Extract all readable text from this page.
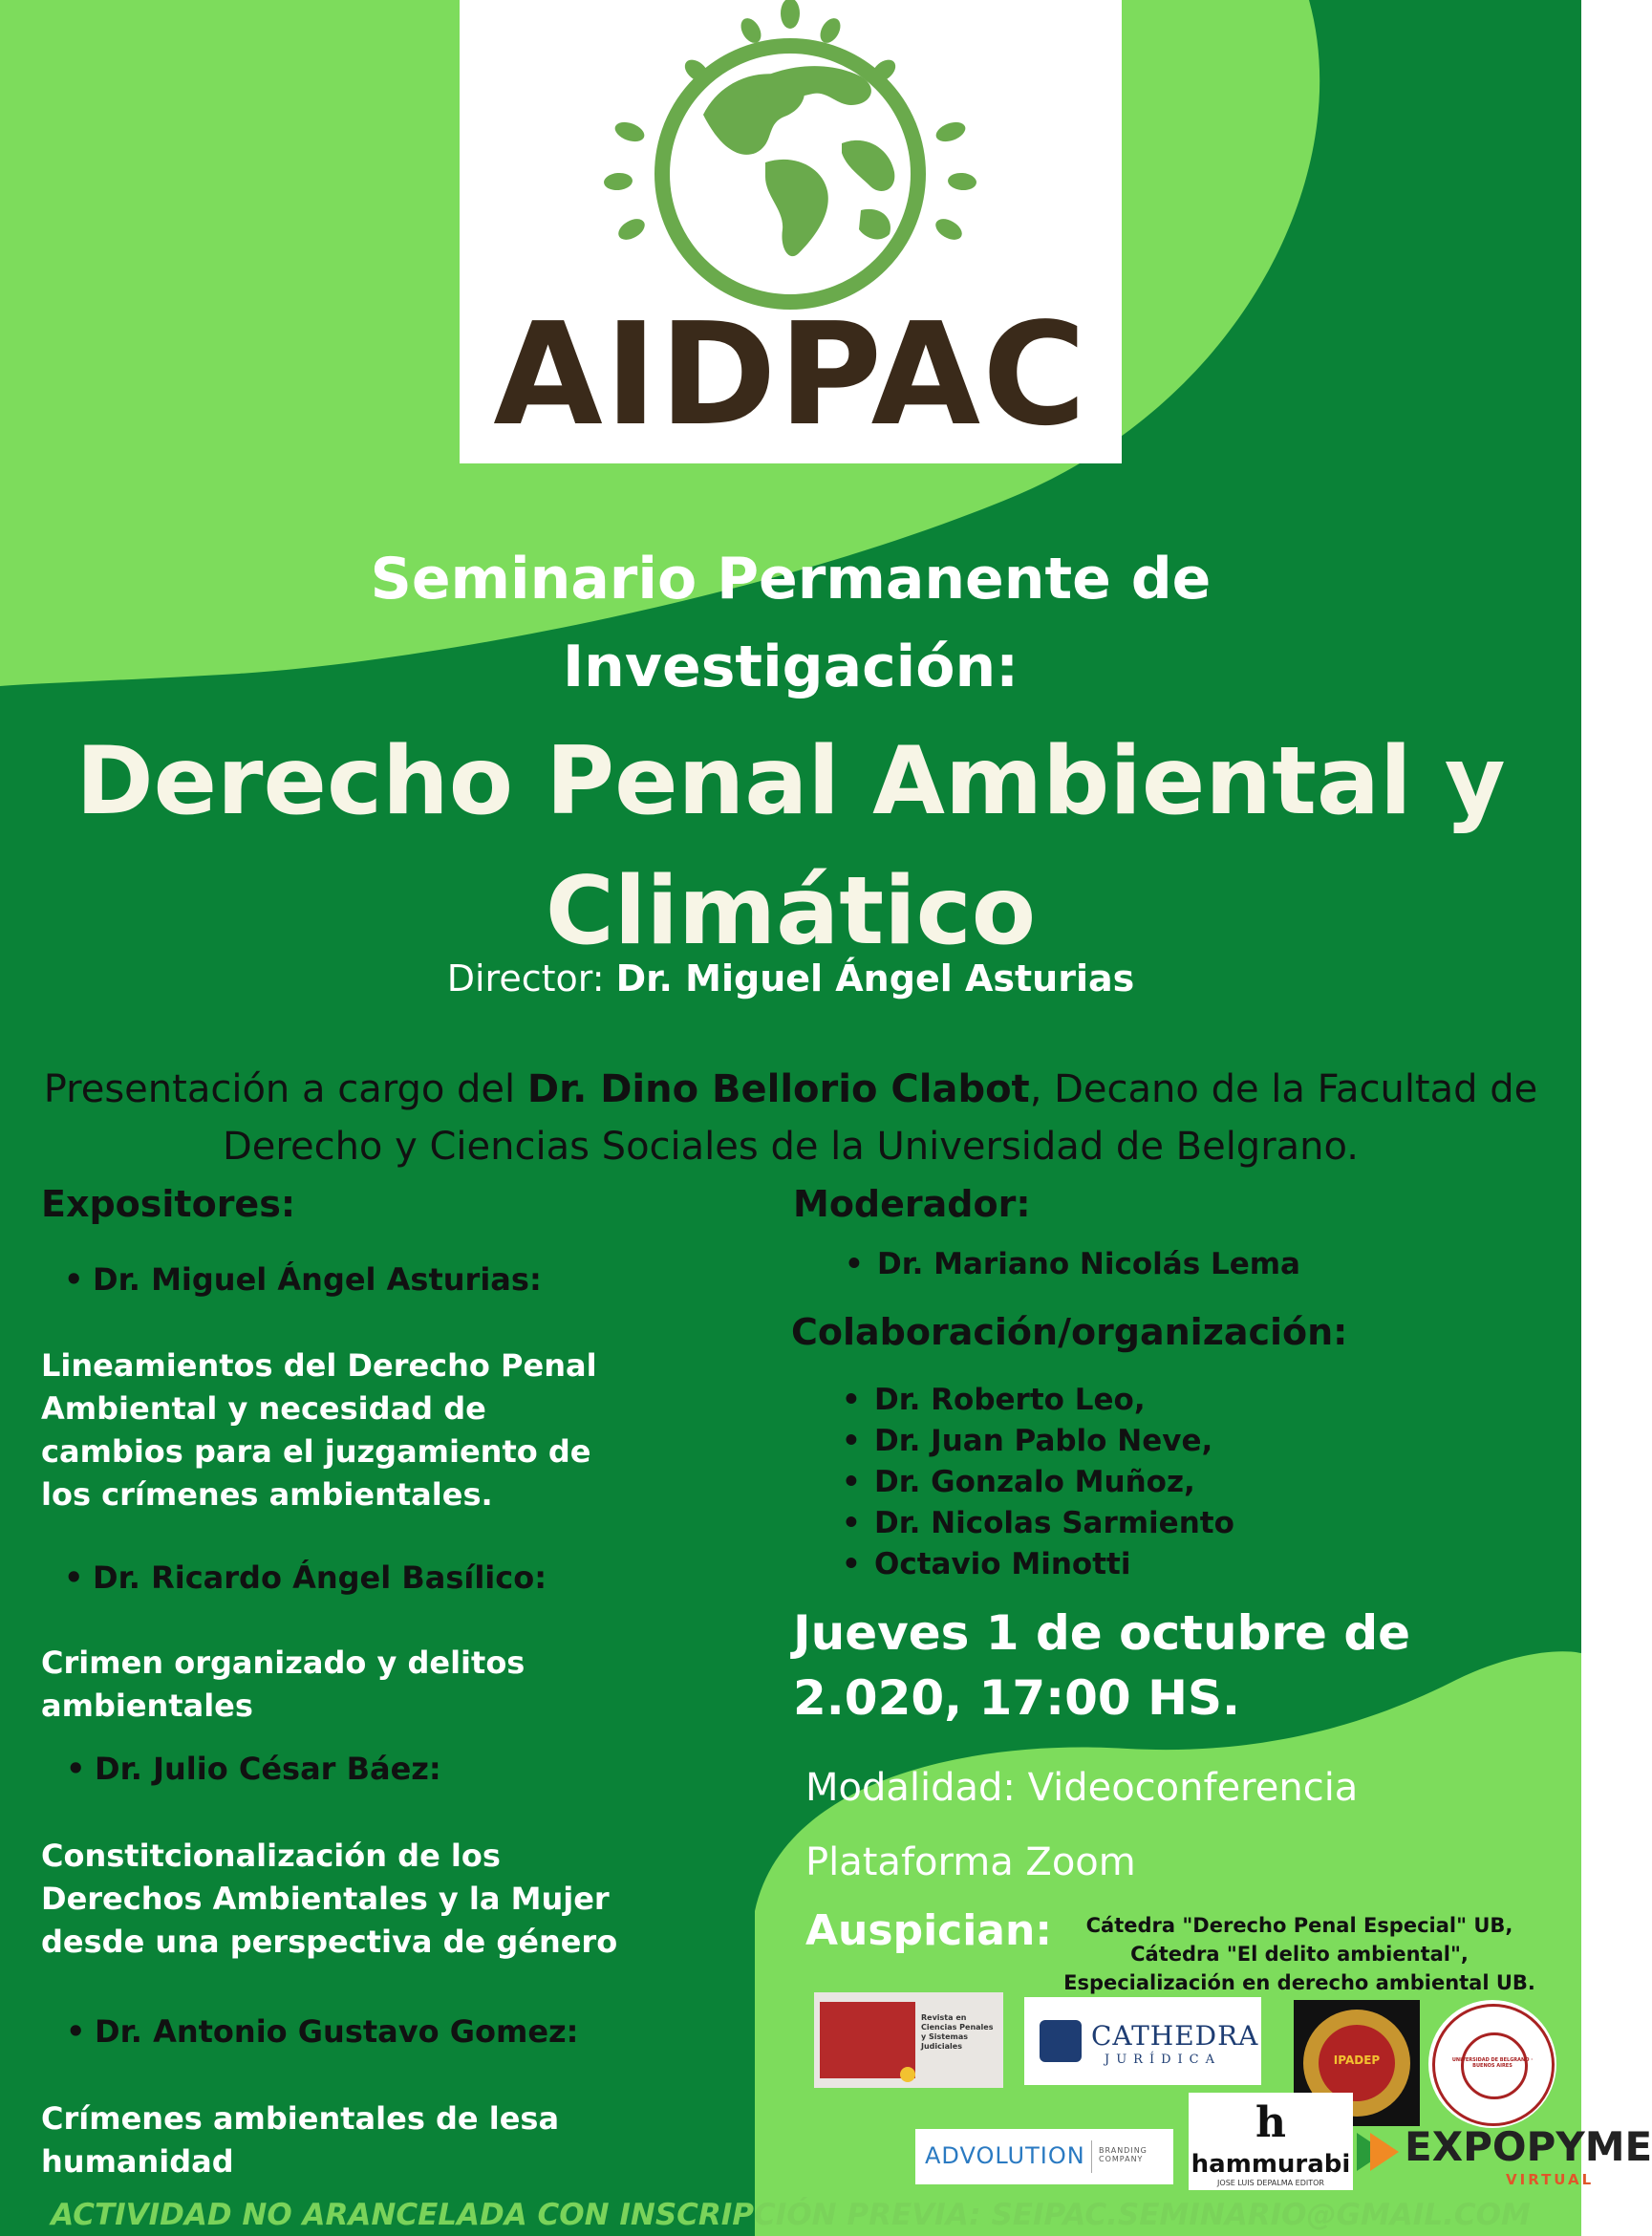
AIDPAC
Seminario Permanente de Investigación:
Derecho Penal Ambiental y Climático
Director: Dr. Miguel Ángel Asturias
Presentación a cargo del Dr. Dino Bellorio Clabot, Decano de la Facultad de Derecho y Ciencias Sociales de la Universidad de Belgrano.
Expositores:
• Dr. Miguel Ángel Asturias:
Lineamientos del Derecho Penal Ambiental y necesidad de cambios para el juzgamiento de los crímenes ambientales.
• Dr. Ricardo Ángel Basílico:
Crimen organizado y delitos ambientales
• Dr. Julio César Báez:
Constitcionalización de los Derechos Ambientales y la Mujer desde una perspectiva de género
• Dr. Antonio Gustavo Gomez:
Crímenes ambientales de lesa humanidad
Moderador:
• Dr. Mariano Nicolás Lema
Colaboración/organización:
• Dr. Roberto Leo,
• Dr. Juan Pablo Neve,
• Dr. Gonzalo Muñoz,
• Dr. Nicolas Sarmiento
• Octavio Minotti
Jueves 1 de octubre de 2.020, 17:00 HS.
Modalidad: Videoconferencia
Plataforma Zoom
Auspician:	Cátedra "Derecho Penal Especial" UB, Cátedra "El delito ambiental", Especialización en derecho ambiental UB.
Revista en Ciencias Penales y Sistemas Judiciales	CATHEDRA
JURÍDICA	IPADEP	UNIVERSIDAD DE BELGRANO · BUENOS AIRES
h
hammurabi
JOSE LUIS DEPALMA EDITOR
ADVOLUTION BRANDING COMPANY	EXPOPYME
VIRTUAL
ACTIVIDAD NO ARANCELADA CON INSCRIPCIÓN PREVIA: SEIPAC.SEMINARIO@GMAIL.COM
